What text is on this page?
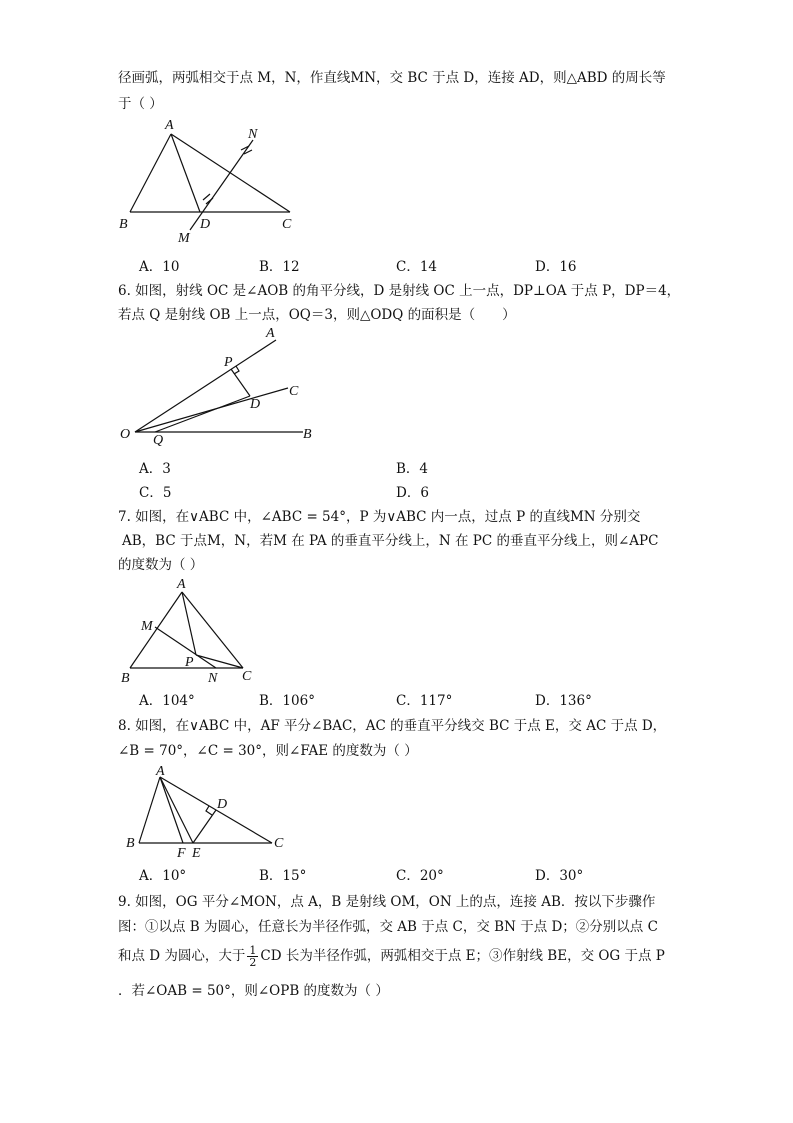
径画弧，两弧相交于点 M，N，作直线MN，交 BC 于点 D，连接 AD，则△ABD 的周长等
于（ ）
A
B	C
D
M
N
A．10	B．12	C．14	D．16
6. 如图，射线 OC 是∠AOB 的角平分线，D 是射线 OC 上一点，DP⊥OA 于点 P，DP＝4，
若点 Q 是射线 OB 上一点，OQ＝3，则△ODQ 的面积是（　　）
A
P
C
D
O Q	B
A．3	B．4
C．5	D．6
7. 如图，在∨ABC 中，∠ABC = 54°，P 为∨ABC 内一点，过点 P 的直线MN 分别交
AB，BC 于点M，N，若M 在 PA 的垂直平分线上，N 在 PC 的垂直平分线上，则∠APC
的度数为（ ）
A
M
P
B	N C
A．104°	B．106°	C．117°	D．136°
8. 如图，在∨ABC 中，AF 平分∠BAC，AC 的垂直平分线交 BC 于点 E，交 AC 于点 D，
∠B = 70°，∠C = 30°，则∠FAE 的度数为（ ）
A
D
B
F E
C
A．10°	B．15°	C．20°	D．30°
9. 如图，OG 平分∠MON，点 A，B 是射线 OM，ON 上的点，连接 AB．按以下步骤作
图：①以点 B 为圆心，任意长为半径作弧，交 AB 于点 C，交 BN 于点 D；②分别以点 C
和点 D 为圆心，大于 $\frac{1}{2}$ CD 长为半径作弧，两弧相交于点 E；③作射线 BE，交 OG 于点 P
．若∠OAB = 50°，则∠OPB 的度数为（ ）
